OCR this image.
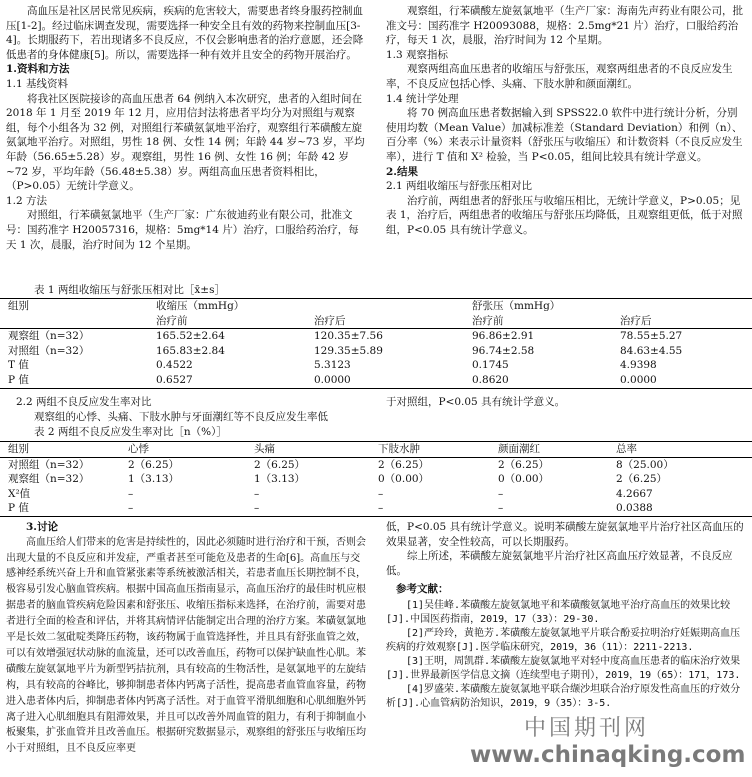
高血压是社区居民常见疾病，疾病的危害较大，需要患者终身服药控制血压[1-2]。经过临床调查发现，需要选择一种安全且有效的药物来控制血压[3-4]。长期服药下，若出现诸多不良反应，不仅会影响患者的治疗意愿，还会降低患者的身体健康[5]。所以，需要选择一种有效并且安全的药物开展治疗。

1.资料和方法

1.1 基线资料

将我社区医院接诊的高血压患者 64 例纳入本次研究，患者的入组时间在 2018 年 1 月至 2019 年 12 月，应用信封法将患者平均分为对照组与观察组，每个小组各为 32 例，对照组行苯磺氨氯地平治疗，观察组行苯磺酸左旋氨氯地平治疗。对照组，男性 18 例、女性 14 例；年龄 44 岁~73 岁，平均年龄（56.65±5.28）岁。观察组，男性 16 例、女性 16 例；年龄 42 岁~72 岁，平均年龄（56.48±5.38）岁。两组高血压患者资料相比，（P>0.05）无统计学意义。

1.2 方法

对照组，行苯磺氨氯地平（生产厂家：广东彼迪药业有限公司，批准文号：国药准字 H20057316，规格：5mg*14 片）治疗，口服给药治疗，每天 1 次，晨服，治疗时间为 12 个星期。

观察组，行苯磺酸左旋氨氯地平（生产厂家：海南先声药业有限公司，批准文号：国药准字 H20093088，规格：2.5mg*21 片）治疗，口服给药治疗，每天 1 次，晨服，治疗时间为 12 个星期。

1.3 观察指标

观察两组高血压患者的收缩压与舒张压，观察两组患者的不良反应发生率，不良反应包括心悸、头痛、下肢水肿和颜面潮红。

1.4 统计学处理

将 70 例高血压患者数据输入到 SPSS22.0 软件中进行统计分析，分别使用均数（Mean Value）加减标准差（Standard Deviation）和例（n）、百分率（%）来表示计量资料（舒张压与收缩压）和计数资料（不良反应发生率），进行 T 值和 X² 检验，当 P<0.05，组间比较具有统计学意义。

2.结果

2.1 两组收缩压与舒张压相对比

治疗前，两组患者的舒张压与收缩压相比，无统计学意义，P>0.05；见表 1，治疗后，两组患者的收缩压与舒张压均降低，且观察组更低，低于对照组，P<0.05 具有统计学意义。

表 1 两组收缩压与舒张压相对比［x̄±s］
组别	收缩压（mmHg）		舒张压（mmHg）	
	治疗前	治疗后	治疗前	治疗后
观察组（n=32）	165.52±2.64	120.35±7.56	96.86±2.91	78.55±5.27
对照组（n=32）	165.83±2.84	129.35±5.89	96.74±2.58	84.63±4.55
T 值	0.4522	5.3123	0.1745	4.9398
P 值	0.6527	0.0000	0.8620	0.0000
2.2 两组不良反应发生率对比
观察组的心悸、头痛、下肢水肿与牙面潮红等不良反应发生率低
于对照组，P<0.05 具有统计学意义。
表 2 两组不良反应发生率对比［n（%）］
组别	心悸	头痛	下肢水肿	颜面潮红	总率
对照组（n=32）	2（6.25）	2（6.25）	2（6.25）	2（6.25）	8（25.00）
观察组（n=32）	1（3.13）	1（3.13）	0（0.00）	0（0.00）	2（6.25）
X²值	–	–	–	–	4.2667
P 值	–	–	–	–	0.0388

3.讨论

高血压给人们带来的危害是持续性的，因此必须随时进行治疗和干预，否则会出现大量的不良反应和并发症，严重者甚至可能危及患者的生命[6]。高血压与交感神经系统兴奋上升和血管紧张素等系统被激活相关，若患者血压长期控制不良，极容易引发心脑血管疾病。根据中国高血压指南显示，高血压治疗的最佳时机应根据患者的脑血管疾病危险因素和舒张压、收缩压指标来选择，在治疗前，需要对患者进行全面的检查和评估，并将其病情评估能制定出合理的治疗方案。苯磺氨氯地平是长效二氢砒啶类降压药物，该药物属于血管选择性，并且具有舒张血管之效，可以有效增强冠状动脉的血流量，还可以改善血压，药物可以保护缺血性心肌。苯磺酸左旋氨氯地平片为新型钙拮抗剂，具有较高的生物活性，是氨氯地平的左旋结构，具有较高的谷峰比，够抑制患者体内钙离子活性，提高患者血管血容量，药物进入患者体内后，抑制患者体内钙离子活性。对于血管平滑肌细胞和心肌细胞外钙离子进入心肌细胞具有阻滞效果，并且可以改善外周血管的阻力，有利于抑制血小板聚集，扩张血管并且改善血压。根据研究数据显示，观察组的舒张压与收缩压均小于对照组，且不良反应率更

低，P<0.05 具有统计学意义。说明苯磺酸左旋氨氯地平片治疗社区高血压的效果显著，安全性较高，可以长期服药。

综上所述，苯磺酸左旋氨氯地平片治疗社区高血压疗效显著，不良反应低。

参考文献：

[1]吴佳峰.苯磺酸左旋氨氯地平和苯磺酸氨氯地平治疗高血压的效果比较[J].中国医药指南，2019，17（33）：29-30.

[2]严玲玲，黄艳芳.苯磺酸左旋氨氯地平片联合酚妥拉明治疗妊娠期高血压疾病的疗效观察[J].医学临床研究，2019，36（11）：2211-2213.

[3]王明，周凯群.苯磺酸左旋氨氯地平对轻中度高血压患者的临床治疗效果[J].世界最新医学信息文摘（连续型电子期刊），2019，19（65）：171，173.

[4]罗盛荣.苯磺酸左旋氨氯地平联合缬沙坦联合治疗原发性高血压的疗效分析[J].心血管病防治知识，2019，9（35）：3-5.

中国期刊网
www.chinaqking.com
